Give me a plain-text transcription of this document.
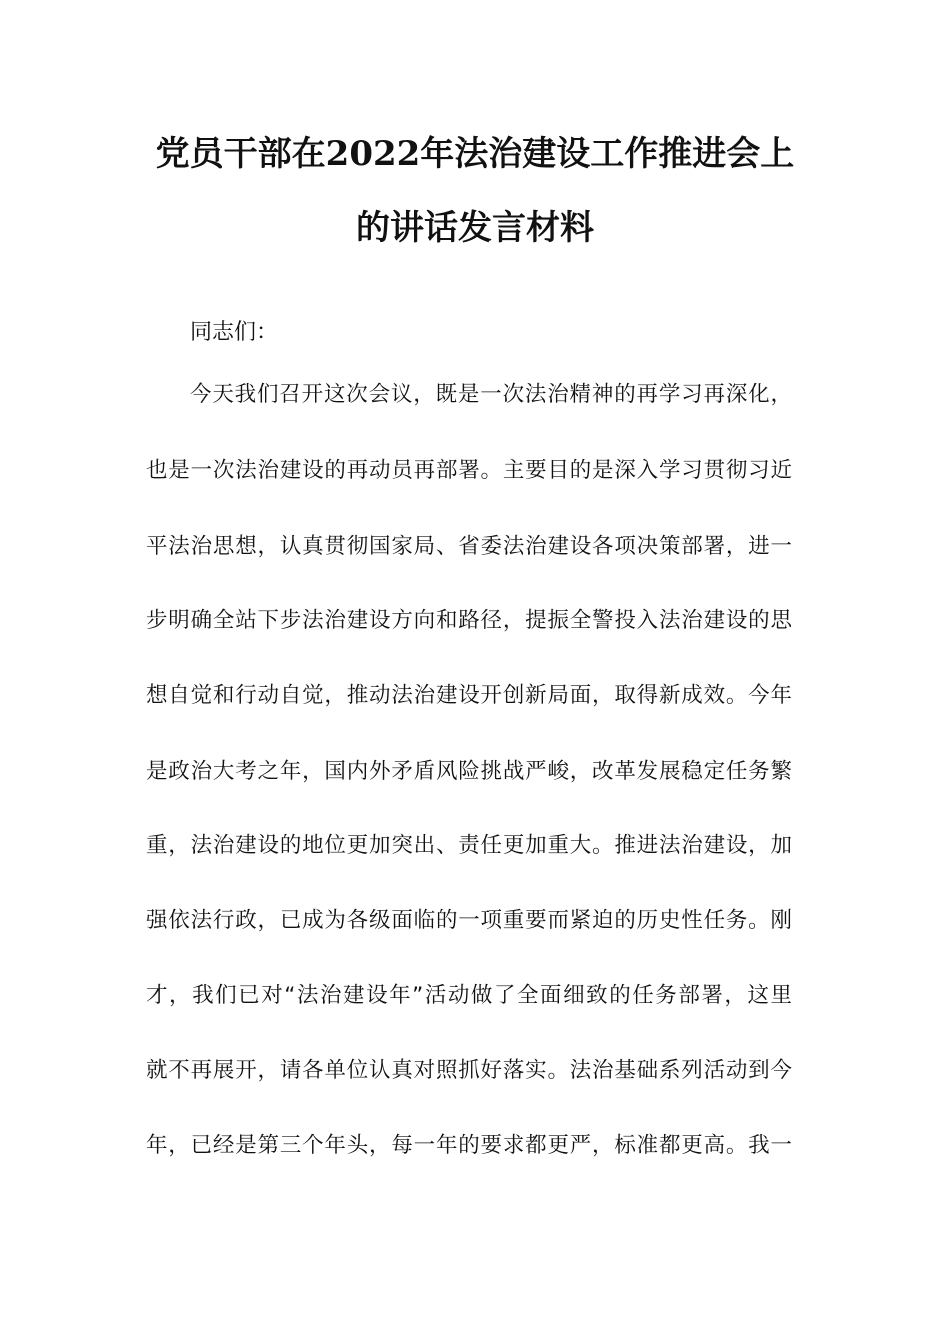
党员干部在2022年法治建设工作推进会上
的讲话发言材料
同志们：
今天我们召开这次会议，既是一次法治精神的再学习再深化，
也是一次法治建设的再动员再部署。主要目的是深入学习贯彻习近
平法治思想，认真贯彻国家局、省委法治建设各项决策部署，进一
步明确全站下步法治建设方向和路径，提振全警投入法治建设的思
想自觉和行动自觉，推动法治建设开创新局面，取得新成效。今年
是政治大考之年，国内外矛盾风险挑战严峻，改革发展稳定任务繁
重，法治建设的地位更加突出、责任更加重大。推进法治建设，加
强依法行政，已成为各级面临的一项重要而紧迫的历史性任务。刚
才，我们已对“法治建设年”活动做了全面细致的任务部署，这里
就不再展开，请各单位认真对照抓好落实。法治基础系列活动到今
年，已经是第三个年头，每一年的要求都更严，标准都更高。我一
